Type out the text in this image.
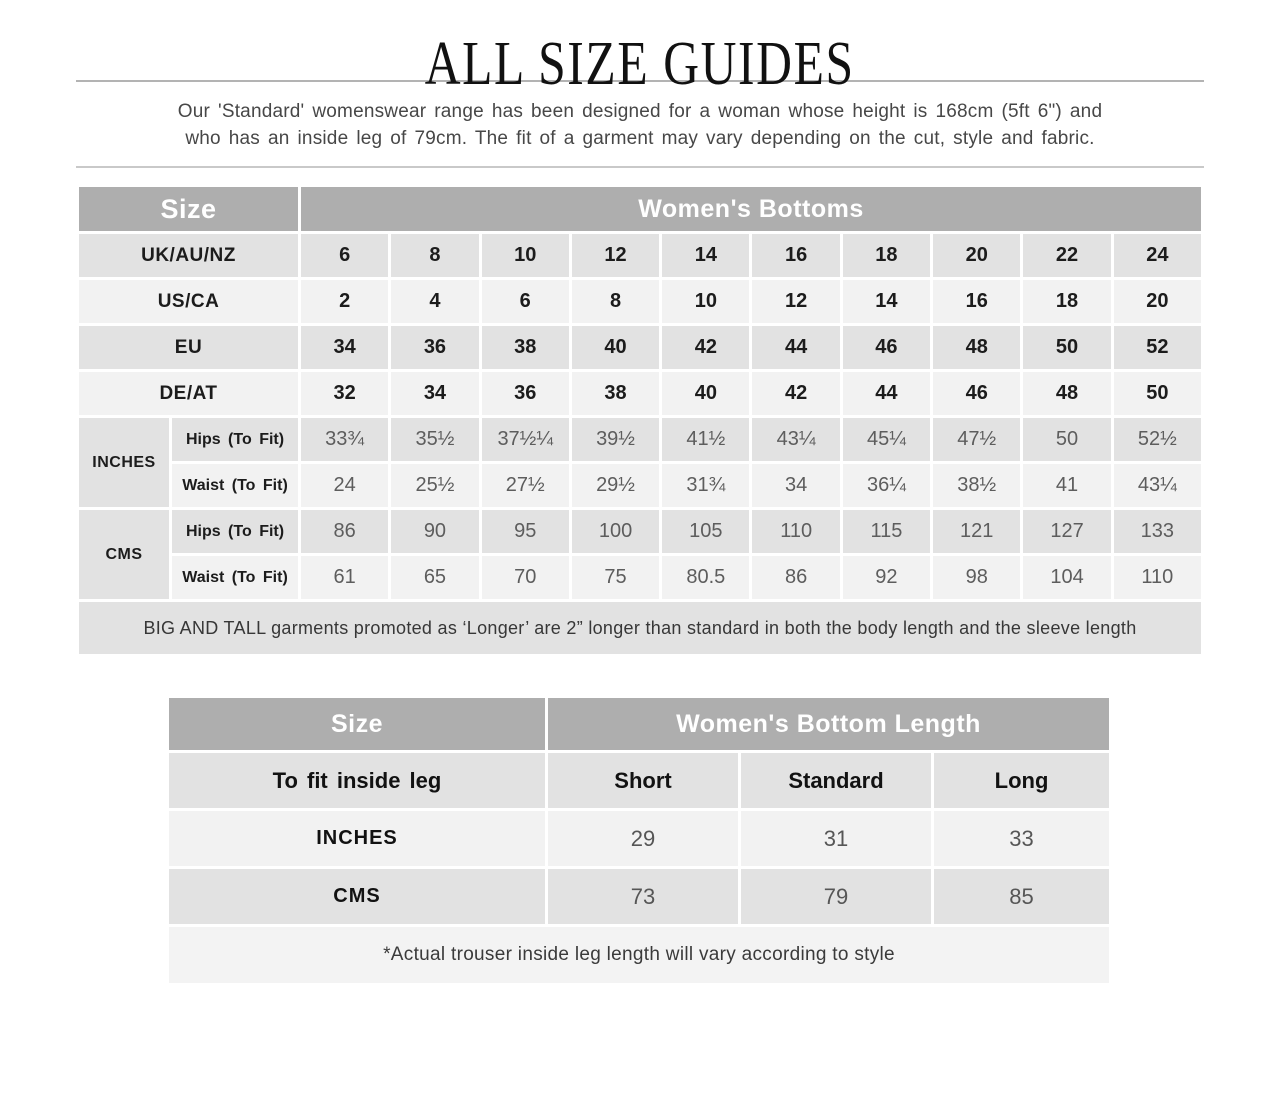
ALL SIZE GUIDES
Our 'Standard' womenswear range has been designed for a woman whose height is 168cm (5ft 6") and
who has an inside leg of 79cm. The fit of a garment may vary depending on the cut, style and fabric.
Size		Women's Bottoms									
UK/AU/NZ		6	8	10	12	14	16	18	20	22	24
US/CA		2	4	6	8	10	12	14	16	18	20
EU		34	36	38	40	42	44	46	48	50	52
DE/AT		32	34	36	38	40	42	44	46	48	50
INCHES	Hips (To Fit)	33¾	35½	37½¼	39½	41½	43¼	45¼	47½	50	52½
	Waist (To Fit)	24	25½	27½	29½	31¾	34	36¼	38½	41	43¼
CMS	Hips (To Fit)	86	90	95	100	105	110	115	121	127	133
	Waist (To Fit)	61	65	70	75	80.5	86	92	98	104	110
BIG AND TALL garments promoted as ‘Longer’ are 2” longer than standard in both the body length and the sleeve length											
Size	Women's Bottom Length		
To fit inside leg	Short	Standard	Long
INCHES	29	31	33
CMS	73	79	85
*Actual trouser inside leg length will vary according to style			
